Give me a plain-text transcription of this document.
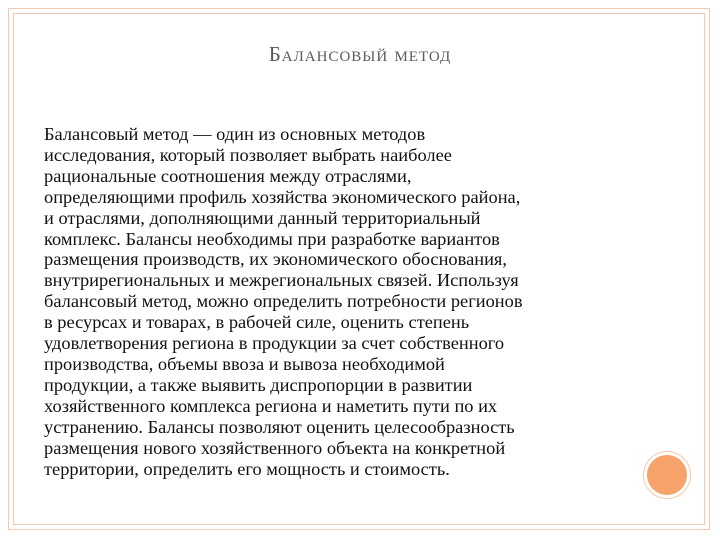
Балансовый метод
Балансовый метод — один из основных методов
исследования, который позволяет выбрать наиболее
рациональные соотношения между отраслями,
определяющими профиль хозяйства экономического района,
и отраслями, дополняющими данный территориальный
комплекс. Балансы необходимы при разработке вариантов
размещения производств, их экономического обоснования,
внутрирегиональных и межрегиональных связей. Используя
балансовый метод, можно определить потребности регионов
в ресурсах и товарах, в рабочей силе, оценить степень
удовлетворения региона в продукции за счет собственного
производства, объемы ввоза и вывоза необходимой
продукции, а также выявить диспропорции в развитии
хозяйственного комплекса региона и наметить пути по их
устранению. Балансы позволяют оценить целесообразность
размещения нового хозяйственного объекта на конкретной
территории, определить его мощность и стоимость.
